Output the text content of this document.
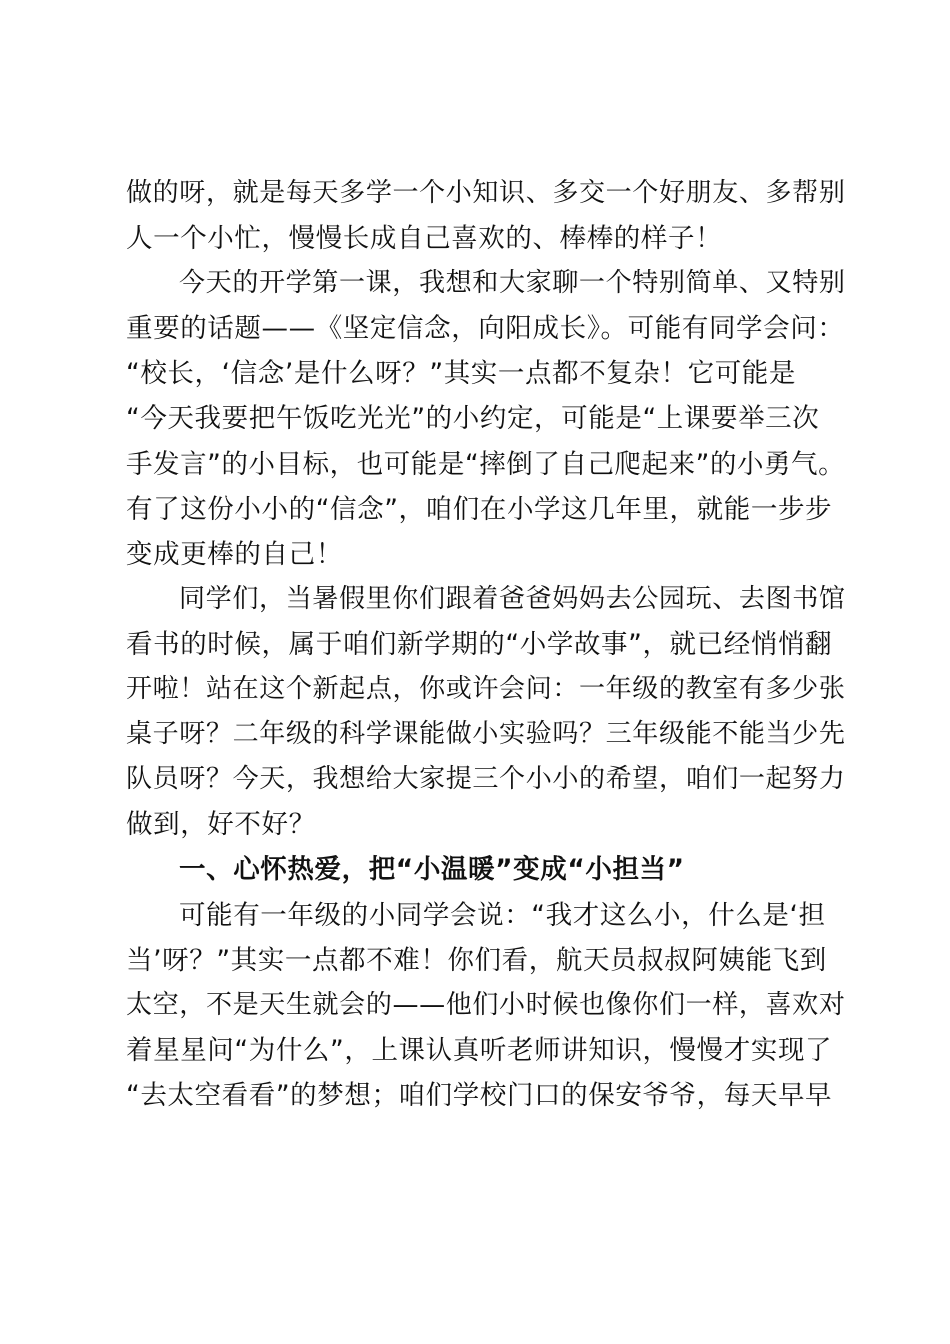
做的呀，就是每天多学一个小知识、多交一个好朋友、多帮别
人一个小忙，慢慢长成自己喜欢的、棒棒的样子！
今天的开学第一课，我想和大家聊一个特别简单、又特别
重要的话题——《坚定信念，向阳成长》。可能有同学会问：
“校长，‘信念’是什么呀？”其实一点都不复杂！它可能是
“今天我要把午饭吃光光”的小约定，可能是“上课要举三次
手发言”的小目标，也可能是“摔倒了自己爬起来”的小勇气。
有了这份小小的“信念”，咱们在小学这几年里，就能一步步
变成更棒的自己！
同学们，当暑假里你们跟着爸爸妈妈去公园玩、去图书馆
看书的时候，属于咱们新学期的“小学故事”，就已经悄悄翻
开啦！站在这个新起点，你或许会问：一年级的教室有多少张
桌子呀？二年级的科学课能做小实验吗？三年级能不能当少先
队员呀？今天，我想给大家提三个小小的希望，咱们一起努力
做到，好不好？
一、心怀热爱，把“小温暖”变成“小担当”
可能有一年级的小同学会说：“我才这么小，什么是‘担
当’呀？”其实一点都不难！你们看，航天员叔叔阿姨能飞到
太空，不是天生就会的——他们小时候也像你们一样，喜欢对
着星星问“为什么”，上课认真听老师讲知识，慢慢才实现了
“去太空看看”的梦想；咱们学校门口的保安爷爷，每天早早
